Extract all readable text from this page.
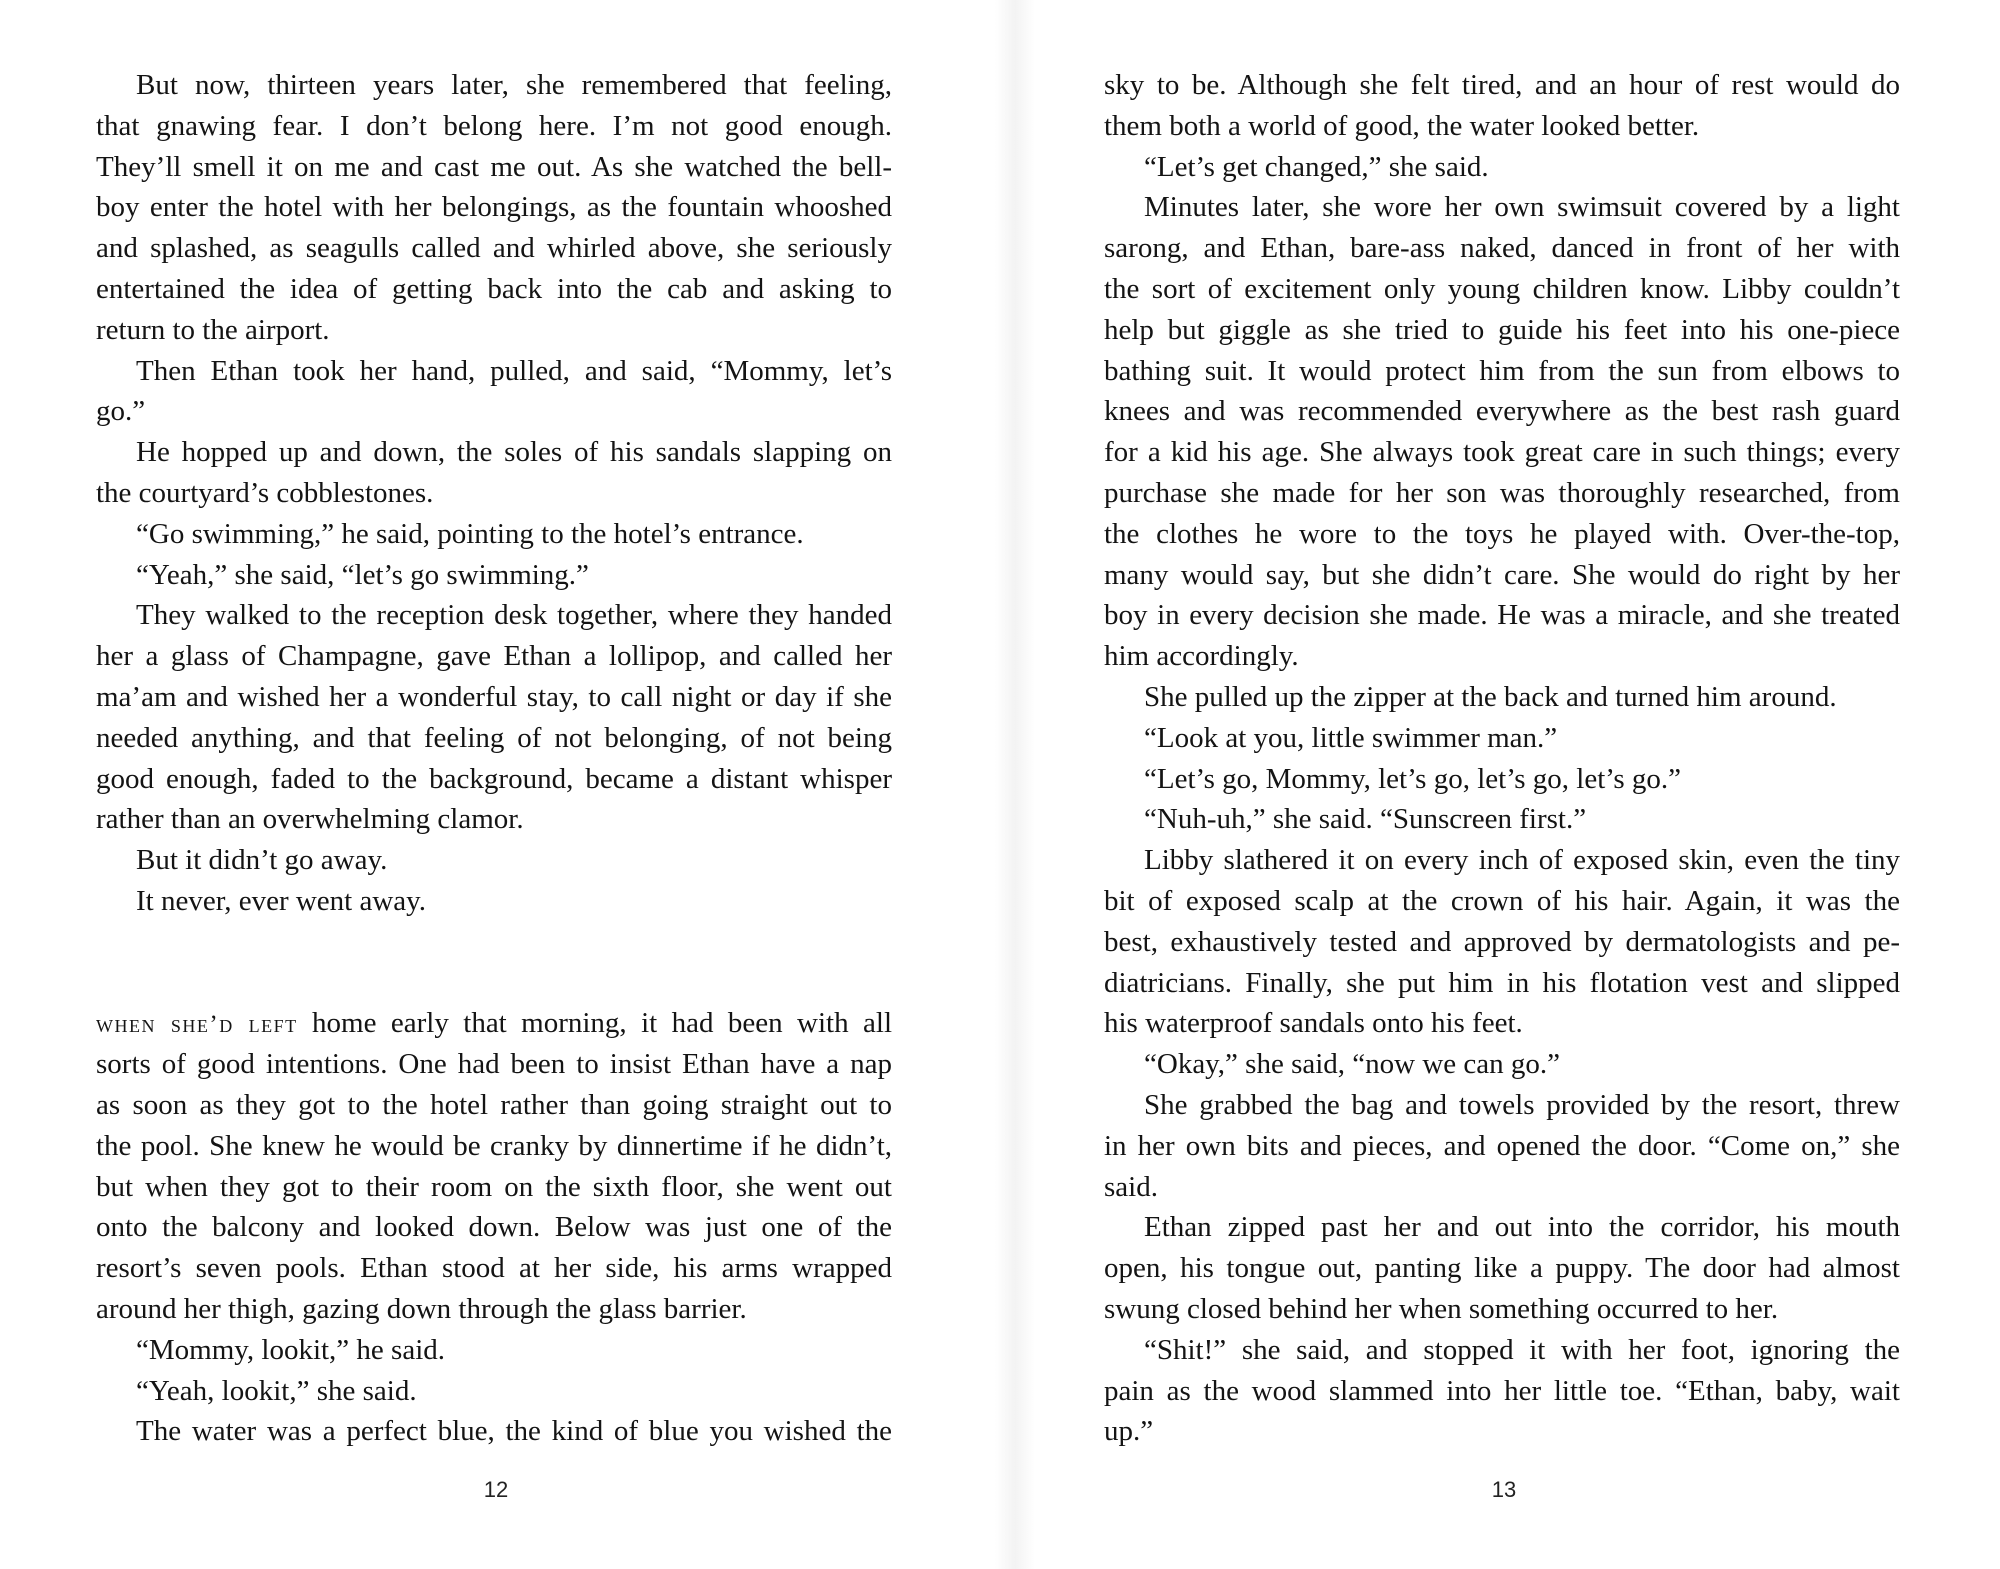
But now, thirteen years later, she remembered that feeling,
that gnawing fear. I don’t belong here. I’m not good enough.
They’ll smell it on me and cast me out. As she watched the bell-
boy enter the hotel with her belongings, as the fountain whooshed
and splashed, as seagulls called and whirled above, she seriously
entertained the idea of getting back into the cab and asking to
return to the airport.
Then Ethan took her hand, pulled, and said, “Mommy, let’s
go.”
He hopped up and down, the soles of his sandals slapping on
the courtyard’s cobblestones.
“Go swimming,” he said, pointing to the hotel’s entrance.
“Yeah,” she said, “let’s go swimming.”
They walked to the reception desk together, where they handed
her a glass of Champagne, gave Ethan a lollipop, and called her
ma’am and wished her a wonderful stay, to call night or day if she
needed anything, and that feeling of not belonging, of not being
good enough, faded to the background, became a distant whisper
rather than an overwhelming clamor.
But it didn’t go away.
It never, ever went away.
when she’d left home early that morning, it had been with all
sorts of good intentions. One had been to insist Ethan have a nap
as soon as they got to the hotel rather than going straight out to
the pool. She knew he would be cranky by dinnertime if he didn’t,
but when they got to their room on the sixth floor, she went out
onto the balcony and looked down. Below was just one of the
resort’s seven pools. Ethan stood at her side, his arms wrapped
around her thigh, gazing down through the glass barrier.
“Mommy, lookit,” he said.
“Yeah, lookit,” she said.
The water was a perfect blue, the kind of blue you wished the
12
sky to be. Although she felt tired, and an hour of rest would do
them both a world of good, the water looked better.
“Let’s get changed,” she said.
Minutes later, she wore her own swimsuit covered by a light
sarong, and Ethan, bare-ass naked, danced in front of her with
the sort of excitement only young children know. Libby couldn’t
help but giggle as she tried to guide his feet into his one-piece
bathing suit. It would protect him from the sun from elbows to
knees and was recommended everywhere as the best rash guard
for a kid his age. She always took great care in such things; every
purchase she made for her son was thoroughly researched, from
the clothes he wore to the toys he played with. Over-the-top,
many would say, but she didn’t care. She would do right by her
boy in every decision she made. He was a miracle, and she treated
him accordingly.
She pulled up the zipper at the back and turned him around.
“Look at you, little swimmer man.”
“Let’s go, Mommy, let’s go, let’s go, let’s go.”
“Nuh-uh,” she said. “Sunscreen first.”
Libby slathered it on every inch of exposed skin, even the tiny
bit of exposed scalp at the crown of his hair. Again, it was the
best, exhaustively tested and approved by dermatologists and pe-
diatricians. Finally, she put him in his flotation vest and slipped
his waterproof sandals onto his feet.
“Okay,” she said, “now we can go.”
She grabbed the bag and towels provided by the resort, threw
in her own bits and pieces, and opened the door. “Come on,” she
said.
Ethan zipped past her and out into the corridor, his mouth
open, his tongue out, panting like a puppy. The door had almost
swung closed behind her when something occurred to her.
“Shit!” she said, and stopped it with her foot, ignoring the
pain as the wood slammed into her little toe. “Ethan, baby, wait
up.”
13
